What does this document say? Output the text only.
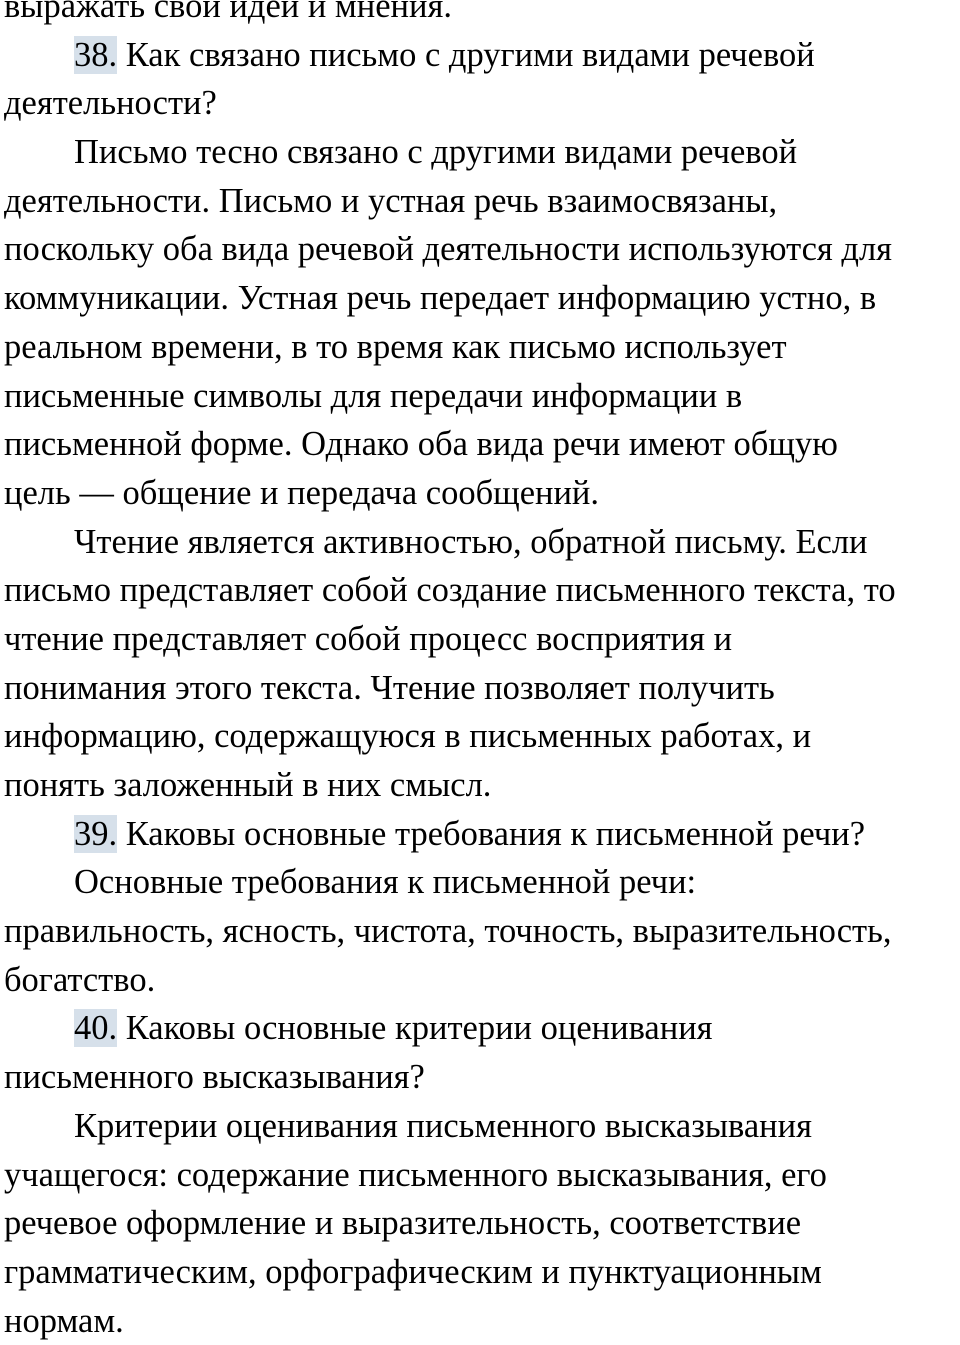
выражать свои идеи и мнения.
38. Как связано письмо с другими видами речевой
деятельности?
Письмо тесно связано с другими видами речевой
деятельности. Письмо и устная речь взаимосвязаны,
поскольку оба вида речевой деятельности используются для
коммуникации. Устная речь передает информацию устно, в
реальном времени, в то время как письмо использует
письменные символы для передачи информации в
письменной форме. Однако оба вида речи имеют общую
цель — общение и передача сообщений.
Чтение является активностью, обратной письму. Если
письмо представляет собой создание письменного текста, то
чтение представляет собой процесс восприятия и
понимания этого текста. Чтение позволяет получить
информацию, содержащуюся в письменных работах, и
понять заложенный в них смысл.
39. Каковы основные требования к письменной речи?
Основные требования к письменной речи:
правильность, ясность, чистота, точность, выразительность,
богатство.
40. Каковы основные критерии оценивания
письменного высказывания?
Критерии оценивания письменного высказывания
учащегося: содержание письменного высказывания, его
речевое оформление и выразительность, соответствие
грамматическим, орфографическим и пунктуационным
нормам.
